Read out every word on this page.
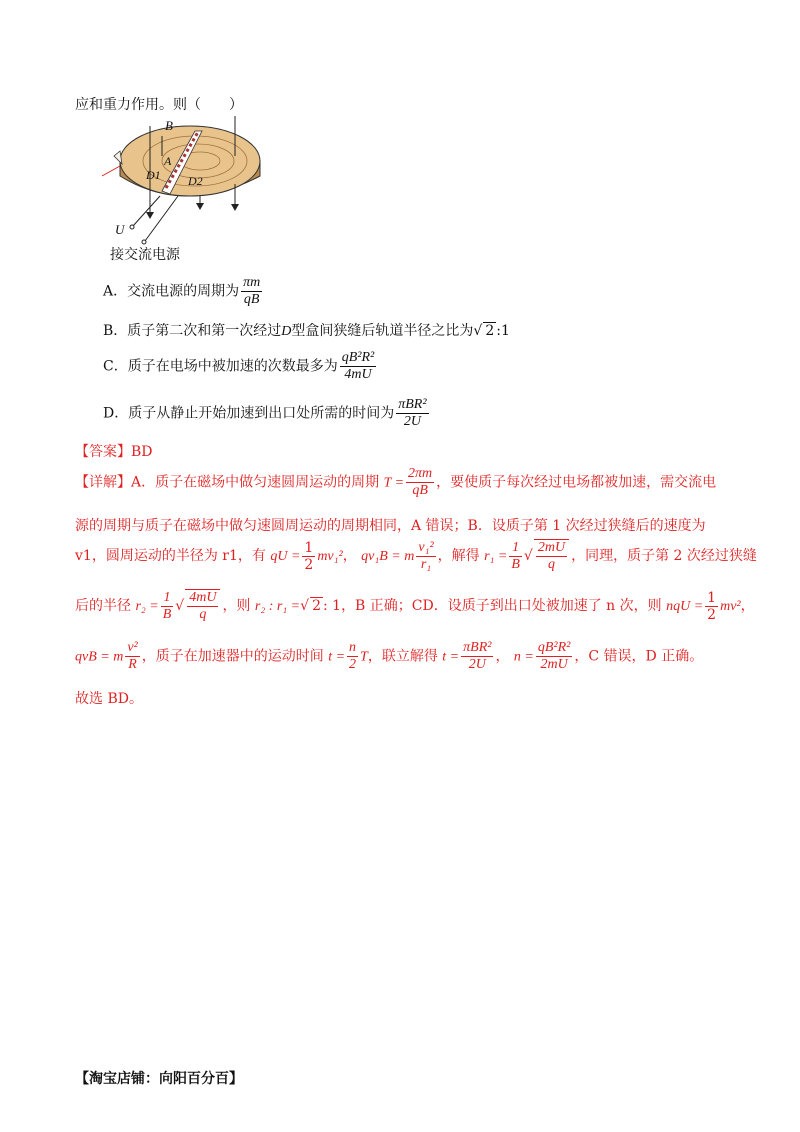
应和重力作用。则（　　）
B
A
D1 D2
U
接交流电源
A．交流电源的周期为 $\frac{\pi m}{qB}$
B．质子第二次和第一次经过D型盒间狭缝后轨道半径之比为√ 2 :1
C．质子在电场中被加速的次数最多为 $\frac{\text{qB²R²}}{4mU}$
D．质子从静止开始加速到出口处所需的时间为 $\frac{\text{πBR²}}{2U}$
【答案】BD
【详解】A．质子在磁场中做匀速圆周运动的周期 $T = \frac{2\pi m}{qB}$ ，要使质子每次经过电场都被加速，需交流电
源的周期与质子在磁场中做匀速圆周运动的周期相同，A 错误；B．设质子第 1 次经过狭缝后的速度为
v1，圆周运动的半径为 r1，有 qU = $\frac{1}{2} mv_1^2$， qv₁B = m $\frac{\text{v₁²}}{\text{r₁}}$ ，解得 $r_1 = \frac{1}{B}$ √ $\frac{2mU}{q}$ ，同理，质子第 2 次经过狭缝
后的半径 $r_2 = \frac{1}{B}$ √ $\frac{4mU}{q}$ ，则 r₂ : r₁ =√ 2 : 1，B 正确；CD．设质子到出口处被加速了 n 次，则 nqU = $\frac{1}{2} mv^2$，
qvB = m $\frac{\text{v²}}{R}$ ，质子在加速器中的运动时间 $t = \frac{n}{2}$ T，联立解得 $t = \frac{\text{πBR²}}{2U}$ ， $n = \frac{\text{qB²R²}}{2mU}$ ，C 错误，D 正确。
故选 BD。
【淘宝店铺：向阳百分百】
